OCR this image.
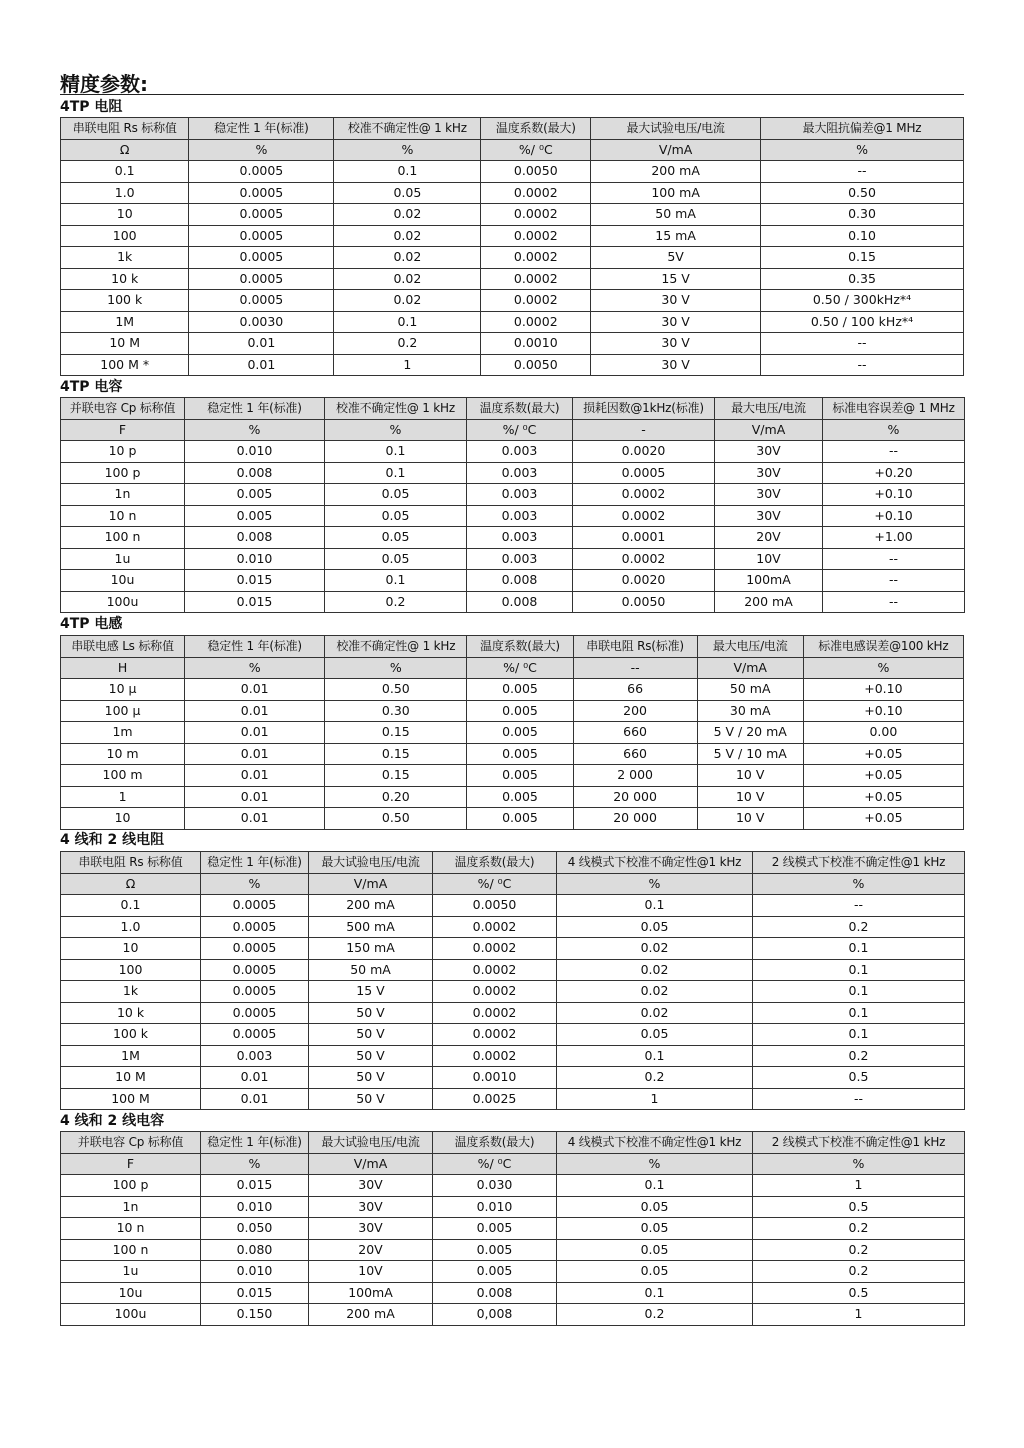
精度参数:
4TP 电阻
串联电阻 Rs 标称值	稳定性 1 年(标准)	校准不确定性@ 1 kHz	温度系数(最大)	最大试验电压/电流	最大阻抗偏差@1 MHz
Ω	%	%	%/ ⁰C	V/mA	%
0.1	0.0005	0.1	0.0050	200 mA	--
1.0	0.0005	0.05	0.0002	100 mA	0.50
10	0.0005	0.02	0.0002	50 mA	0.30
100	0.0005	0.02	0.0002	15 mA	0.10
1k	0.0005	0.02	0.0002	5V	0.15
10 k	0.0005	0.02	0.0002	15 V	0.35
100 k	0.0005	0.02	0.0002	30 V	0.50 / 300kHz*⁴
1M	0.0030	0.1	0.0002	30 V	0.50 / 100 kHz*⁴
10 M	0.01	0.2	0.0010	30 V	--
100 M *	0.01	1	0.0050	30 V	--
4TP 电容
并联电容 Cp 标称值	稳定性 1 年(标准)	校准不确定性@ 1 kHz	温度系数(最大)	损耗因数@1kHz(标准)	最大电压/电流	标准电容误差@ 1 MHz
F	%	%	%/ ⁰C	-	V/mA	%
10 p	0.010	0.1	0.003	0.0020	30V	--
100 p	0.008	0.1	0.003	0.0005	30V	+0.20
1n	0.005	0.05	0.003	0.0002	30V	+0.10
10 n	0.005	0.05	0.003	0.0002	30V	+0.10
100 n	0.008	0.05	0.003	0.0001	20V	+1.00
1u	0.010	0.05	0.003	0.0002	10V	--
10u	0.015	0.1	0.008	0.0020	100mA	--
100u	0.015	0.2	0.008	0.0050	200 mA	--
4TP 电感
串联电感 Ls 标称值	稳定性 1 年(标准)	校准不确定性@ 1 kHz	温度系数(最大)	串联电阻 Rs(标准)	最大电压/电流	标准电感误差@100 kHz
H	%	%	%/ ⁰C	--	V/mA	%
10 µ	0.01	0.50	0.005	66	50 mA	+0.10
100 µ	0.01	0.30	0.005	200	30 mA	+0.10
1m	0.01	0.15	0.005	660	5 V / 20 mA	0.00
10 m	0.01	0.15	0.005	660	5 V / 10 mA	+0.05
100 m	0.01	0.15	0.005	2 000	10 V	+0.05
1	0.01	0.20	0.005	20 000	10 V	+0.05
10	0.01	0.50	0.005	20 000	10 V	+0.05
4 线和 2 线电阻
串联电阻 Rs 标称值	稳定性 1 年(标准)	最大试验电压/电流	温度系数(最大)	4 线模式下校准不确定性@1 kHz	2 线模式下校准不确定性@1 kHz
Ω	%	V/mA	%/ ⁰C	%	%
0.1	0.0005	200 mA	0.0050	0.1	--
1.0	0.0005	500 mA	0.0002	0.05	0.2
10	0.0005	150 mA	0.0002	0.02	0.1
100	0.0005	50 mA	0.0002	0.02	0.1
1k	0.0005	15 V	0.0002	0.02	0.1
10 k	0.0005	50 V	0.0002	0.02	0.1
100 k	0.0005	50 V	0.0002	0.05	0.1
1M	0.003	50 V	0.0002	0.1	0.2
10 M	0.01	50 V	0.0010	0.2	0.5
100 M	0.01	50 V	0.0025	1	--
4 线和 2 线电容
并联电容 Cp 标称值	稳定性 1 年(标准)	最大试验电压/电流	温度系数(最大)	4 线模式下校准不确定性@1 kHz	2 线模式下校准不确定性@1 kHz
F	%	V/mA	%/ ⁰C	%	%
100 p	0.015	30V	0.030	0.1	1
1n	0.010	30V	0.010	0.05	0.5
10 n	0.050	30V	0.005	0.05	0.2
100 n	0.080	20V	0.005	0.05	0.2
1u	0.010	10V	0.005	0.05	0.2
10u	0.015	100mA	0.008	0.1	0.5
100u	0.150	200 mA	0,008	0.2	1
